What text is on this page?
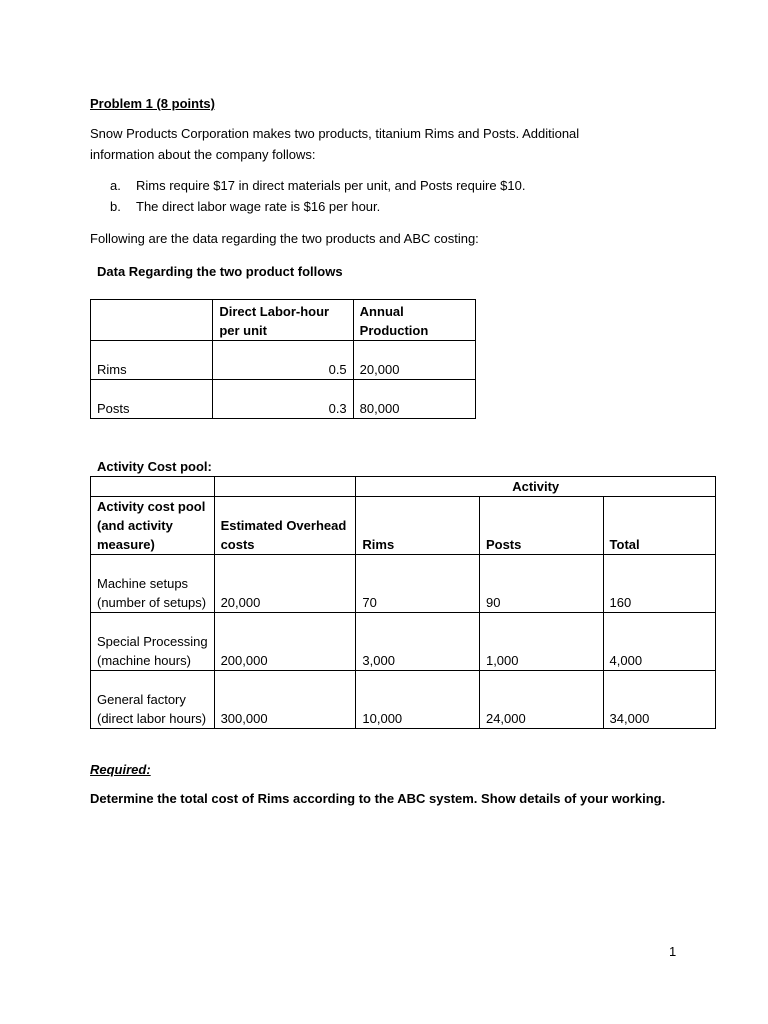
Problem 1 (8 points)
Snow Products Corporation makes two products, titanium Rims and Posts. Additional
information about the company follows:
a. Rims require $17 in direct materials per unit, and Posts require $10.
b. The direct labor wage rate is $16 per hour.
Following are the data regarding the two products and ABC costing:
Data Regarding the two product follows
	Direct Labor-hour per unit	Annual Production
Rims	0.5	20,000
Posts	0.3	80,000
Activity Cost pool:
		Activity		
Activity cost pool (and activity measure)	Estimated Overhead costs	Rims	Posts	Total
Machine setups (number of setups)	20,000	70	90	160
Special Processing (machine hours)	200,000	3,000	1,000	4,000
General factory (direct labor hours)	300,000	10,000	24,000	34,000
Required:
Determine the total cost of Rims according to the ABC system. Show details of your working.
1
